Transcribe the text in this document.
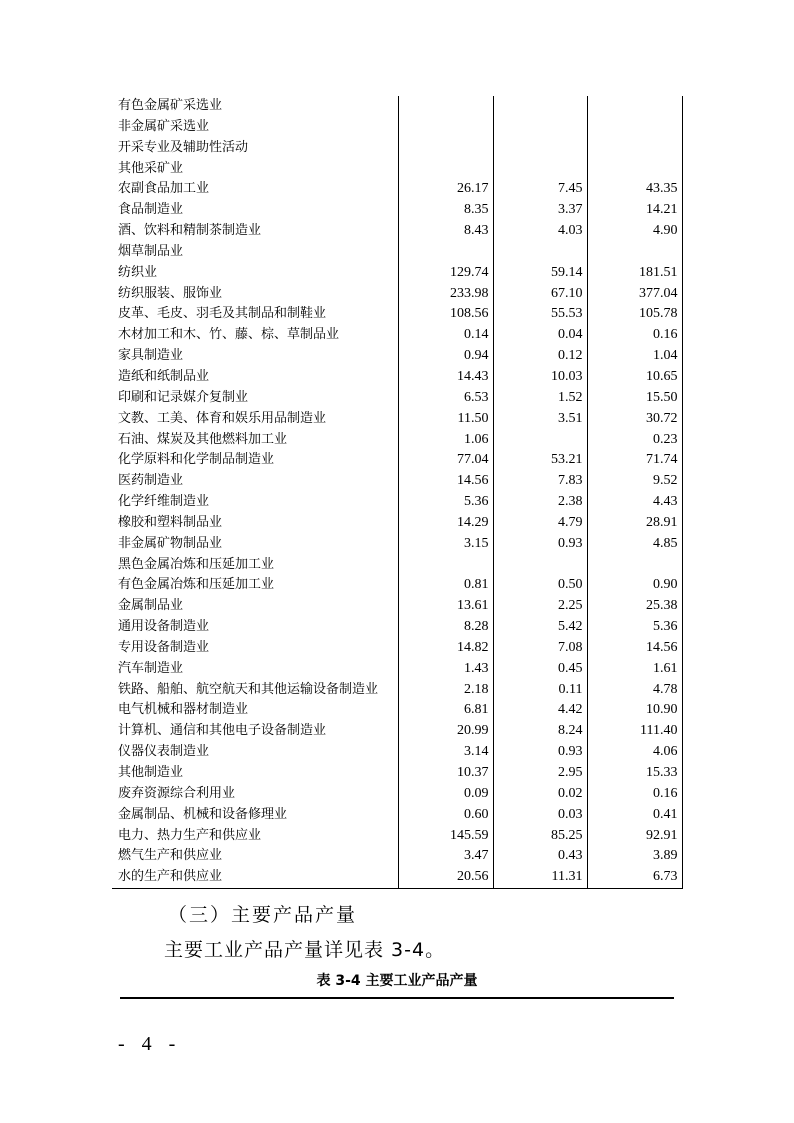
有色金属矿采选业			
非金属矿采选业			
开采专业及辅助性活动			
其他采矿业			
农副食品加工业	26.17	7.45	43.35
食品制造业	8.35	3.37	14.21
酒、饮料和精制茶制造业	8.43	4.03	4.90
烟草制品业			
纺织业	129.74	59.14	181.51
纺织服装、服饰业	233.98	67.10	377.04
皮革、毛皮、羽毛及其制品和制鞋业	108.56	55.53	105.78
木材加工和木、竹、藤、棕、草制品业	0.14	0.04	0.16
家具制造业	0.94	0.12	1.04
造纸和纸制品业	14.43	10.03	10.65
印刷和记录媒介复制业	6.53	1.52	15.50
文教、工美、体育和娱乐用品制造业	11.50	3.51	30.72
石油、煤炭及其他燃料加工业	1.06		0.23
化学原料和化学制品制造业	77.04	53.21	71.74
医药制造业	14.56	7.83	9.52
化学纤维制造业	5.36	2.38	4.43
橡胶和塑料制品业	14.29	4.79	28.91
非金属矿物制品业	3.15	0.93	4.85
黑色金属冶炼和压延加工业			
有色金属冶炼和压延加工业	0.81	0.50	0.90
金属制品业	13.61	2.25	25.38
通用设备制造业	8.28	5.42	5.36
专用设备制造业	14.82	7.08	14.56
汽车制造业	1.43	0.45	1.61
铁路、船舶、航空航天和其他运输设备制造业	2.18	0.11	4.78
电气机械和器材制造业	6.81	4.42	10.90
计算机、通信和其他电子设备制造业	20.99	8.24	111.40
仪器仪表制造业	3.14	0.93	4.06
其他制造业	10.37	2.95	15.33
废弃资源综合利用业	0.09	0.02	0.16
金属制品、机械和设备修理业	0.60	0.03	0.41
电力、热力生产和供应业	145.59	85.25	92.91
燃气生产和供应业	3.47	0.43	3.89
水的生产和供应业	20.56	11.31	6.73
（三）主要产品产量
主要工业产品产量详见表 3-4。
表 3-4 主要工业产品产量
- 4 -
